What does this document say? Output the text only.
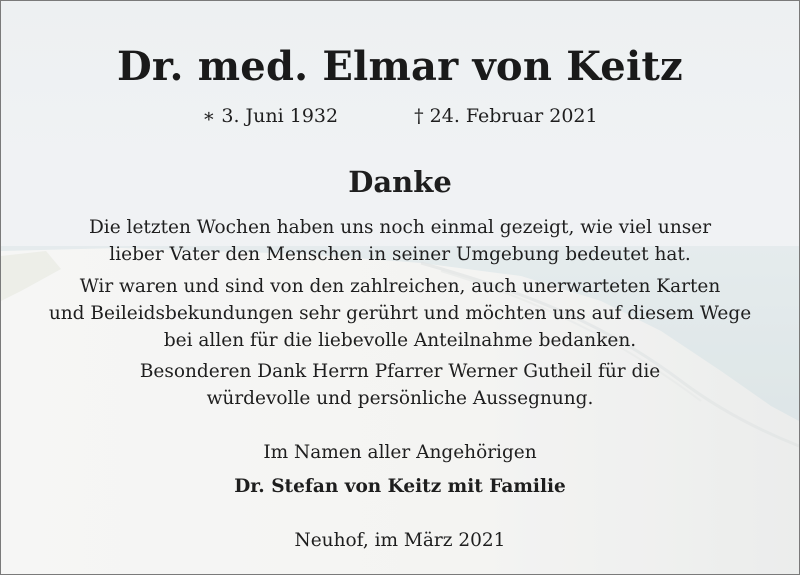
Dr. med. Elmar von Keitz
∗ 3. Juni 1932	† 24. Februar 2021
Danke
Die letzten Wochen haben uns noch einmal gezeigt, wie viel unser
lieber Vater den Menschen in seiner Umgebung bedeutet hat.
Wir waren und sind von den zahlreichen, auch unerwarteten Karten
und Beileidsbekundungen sehr gerührt und möchten uns auf diesem Wege
bei allen für die liebevolle Anteilnahme bedanken.
Besonderen Dank Herrn Pfarrer Werner Gutheil für die
würdevolle und persönliche Aussegnung.
Im Namen aller Angehörigen
Dr. Stefan von Keitz mit Familie
Neuhof, im März 2021
